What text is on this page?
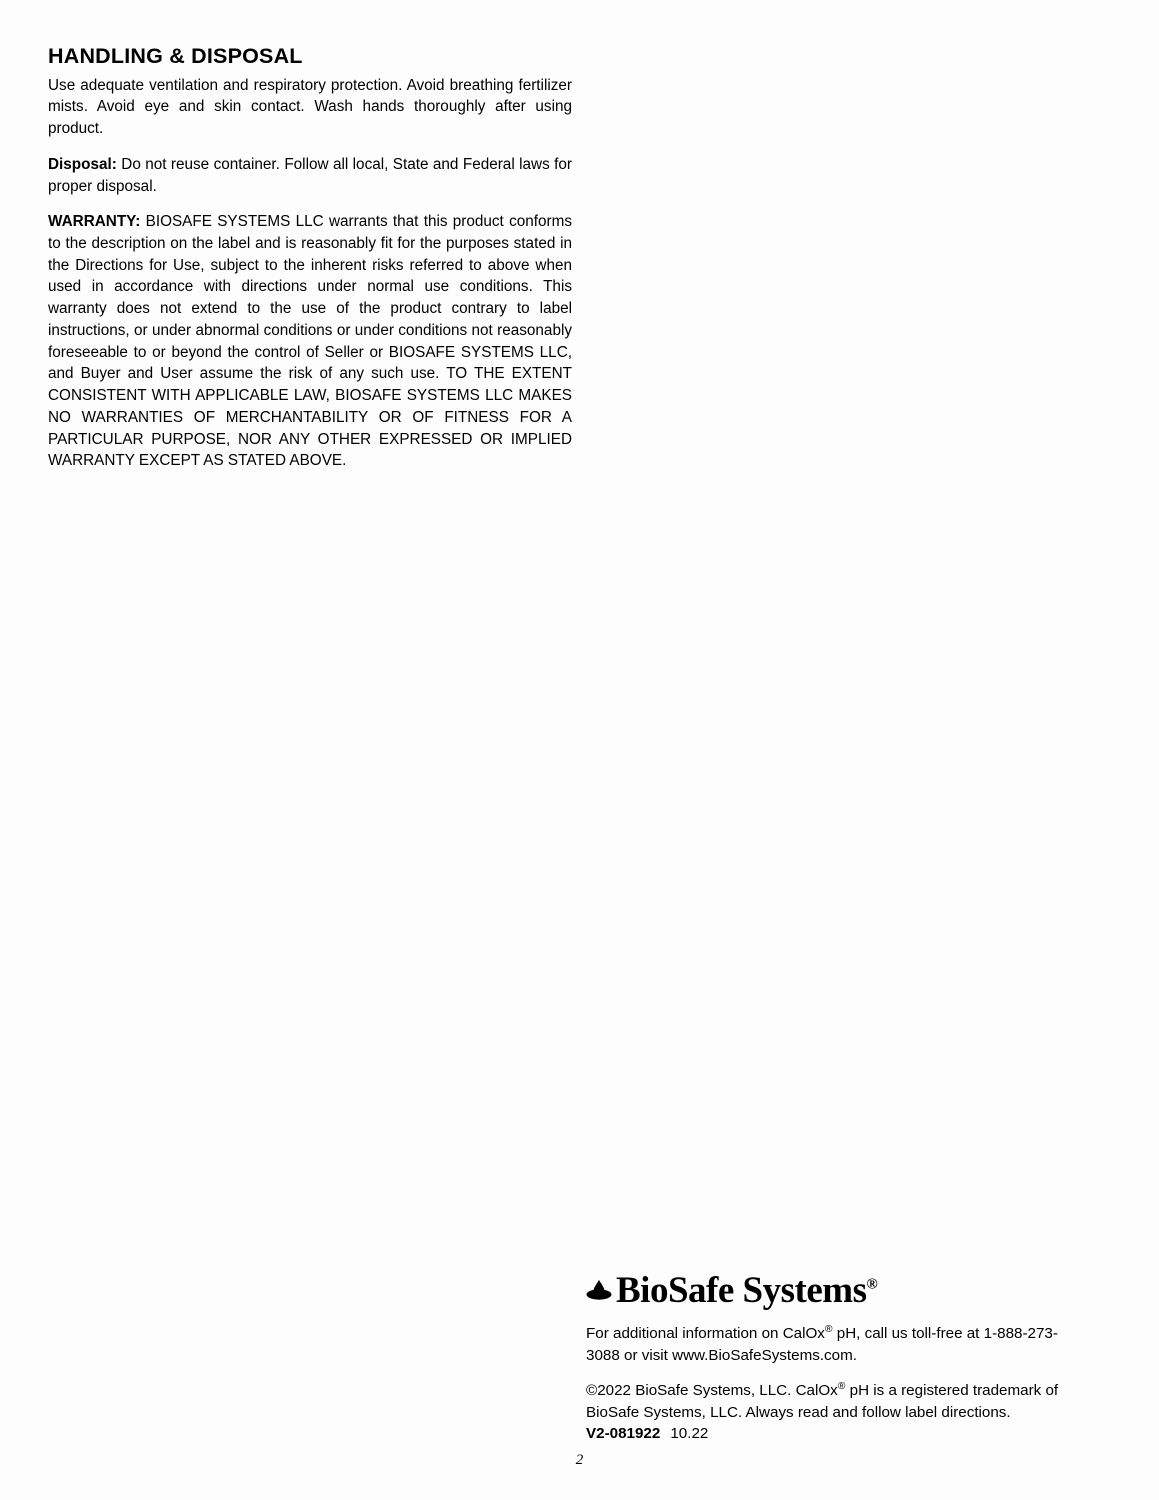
HANDLING & DISPOSAL

Use adequate ventilation and respiratory protection. Avoid breathing fertilizer mists. Avoid eye and skin contact. Wash hands thoroughly after using product.

Disposal: Do not reuse container. Follow all local, State and Federal laws for proper disposal.

WARRANTY: BIOSAFE SYSTEMS LLC warrants that this product conforms to the description on the label and is reasonably fit for the purposes stated in the Directions for Use, subject to the inherent risks referred to above when used in accordance with directions under normal use conditions. This warranty does not extend to the use of the product contrary to label instructions, or under abnormal conditions or under conditions not reasonably foreseeable to or beyond the control of Seller or BIOSAFE SYSTEMS LLC, and Buyer and User assume the risk of any such use. TO THE EXTENT CONSISTENT WITH APPLICABLE LAW, BIOSAFE SYSTEMS LLC MAKES NO WARRANTIES OF MERCHANTABILITY OR OF FITNESS FOR A PARTICULAR PURPOSE, NOR ANY OTHER EXPRESSED OR IMPLIED WARRANTY EXCEPT AS STATED ABOVE.

BioSafe Systems®

For additional information on CalOx® pH, call us toll-free at 1-888-273-3088 or visit www.BioSafeSystems.com.

©2022 BioSafe Systems, LLC. CalOx® pH is a registered trademark of BioSafe Systems, LLC. Always read and follow label directions.
V2-081922 10.22

2
